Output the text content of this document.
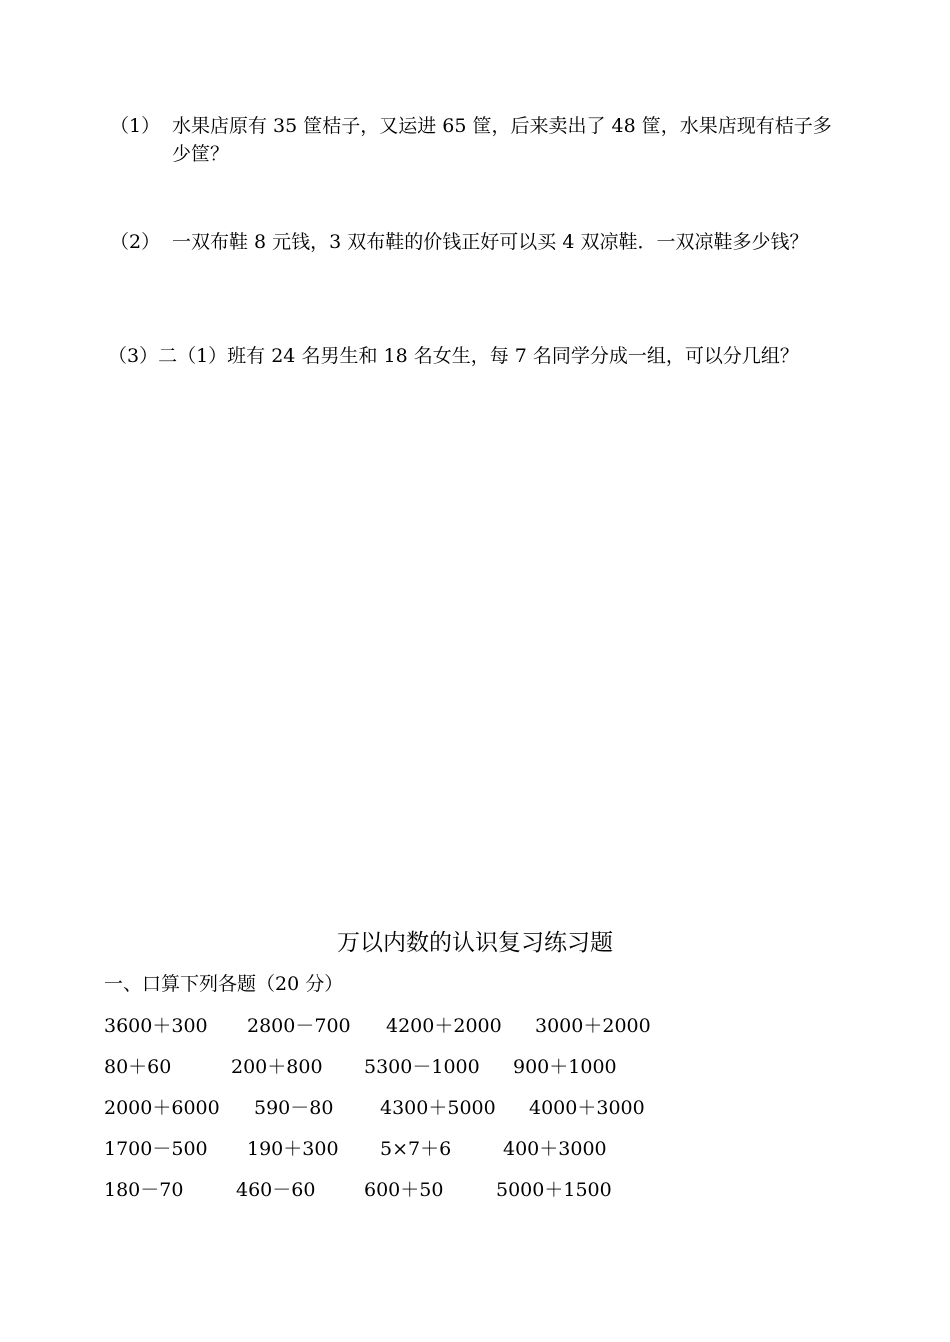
（1） 水果店原有 35 筐桔子，又运进 65 筐，后来卖出了 48 筐，水果店现有桔子多少筐？
（2） 一双布鞋 8 元钱，3 双布鞋的价钱正好可以买 4 双凉鞋．一双凉鞋多少钱？
（3）二（1）班有 24 名男生和 18 名女生，每 7 名同学分成一组，可以分几组？
万以内数的认识复习练习题
一、口算下列各题（20 分）
3600＋300 2800－700 4200＋2000 3000＋2000
80＋60	200＋800 5300－1000 900＋1000
2000＋6000 590－80 4300＋5000 4000＋3000
1700－500 190＋300 5×7＋6	400＋3000
180－70	460－60	600＋50	5000＋1500
